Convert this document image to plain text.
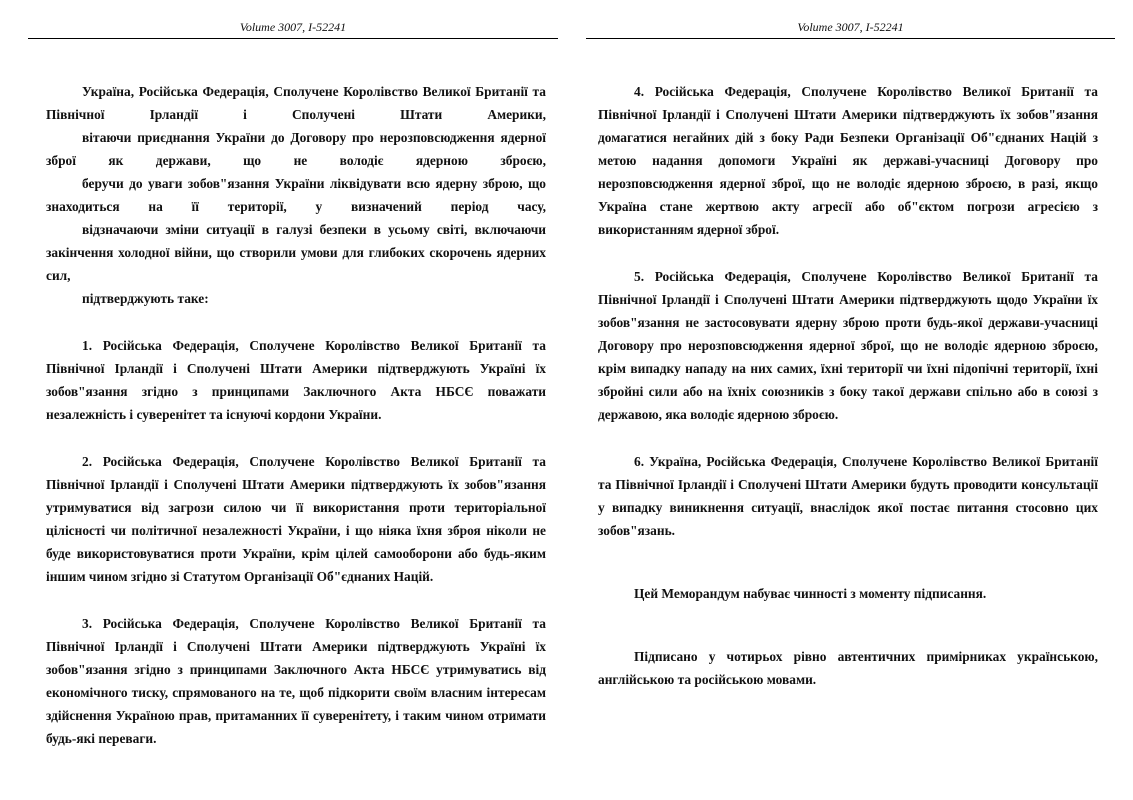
Volume 3007, I-52241

Україна, Російська Федерація, Сполучене Королівство Великої Британії та Північної Ірландії і Сполучені Штати Америки,

вітаючи приєднання України до Договору про нерозповсюдження ядерної зброї як держави, що не володіє ядерною зброєю,

беручи до уваги зобов"язання України ліквідувати всю ядерну зброю, що знаходиться на її території, у визначений період часу,

відзначаючи зміни ситуації в галузі безпеки в усьому світі, включаючи закінчення холодної війни, що створили умови для глибоких скорочень ядерних сил,

підтверджують таке:

1. Російська Федерація, Сполучене Королівство Великої Британії та Північної Ірландії і Сполучені Штати Америки підтверджують Україні їх зобов"язання згідно з принципами Заключного Акта НБСЄ поважати незалежність і суверенітет та існуючі кордони України.

2. Російська Федерація, Сполучене Королівство Великої Британії та Північної Ірландії і Сполучені Штати Америки підтверджують їх зобов"язання утримуватися від загрози силою чи її використання проти територіальної цілісності чи політичної незалежності України, і що ніяка їхня зброя ніколи не буде використовуватися проти України, крім цілей самооборони або будь-яким іншим чином згідно зі Статутом Організації Об"єднаних Націй.

3. Російська Федерація, Сполучене Королівство Великої Британії та Північної Ірландії і Сполучені Штати Америки підтверджують Україні їх зобов"язання згідно з принципами Заключного Акта НБСЄ утримуватись від економічного тиску, спрямованого на те, щоб підкорити своїм власним інтересам здійснення Україною прав, притаманних її суверенітету, і таким чином отримати будь-які переваги.

Volume 3007, I-52241

4. Російська Федерація, Сполучене Королівство Великої Британії та Північної Ірландії і Сполучені Штати Америки підтверджують їх зобов"язання домагатися негайних дій з боку Ради Безпеки Організації Об"єднаних Націй з метою надання допомоги Україні як державі-учасниці Договору про нерозповсюдження ядерної зброї, що не володіє ядерною зброєю, в разі, якщо Україна стане жертвою акту агресії або об"єктом погрози агресією з використанням ядерної зброї.

5. Російська Федерація, Сполучене Королівство Великої Британії та Північної Ірландії і Сполучені Штати Америки підтверджують щодо України їх зобов"язання не застосовувати ядерну зброю проти будь-якої держави-учасниці Договору про нерозповсюдження ядерної зброї, що не володіє ядерною зброєю, крім випадку нападу на них самих, їхні території чи їхні підопічні території, їхні збройні сили або на їхніх союзників з боку такої держави спільно або в союзі з державою, яка володіє ядерною зброєю.

6. Україна, Російська Федерація, Сполучене Королівство Великої Британії та Північної Ірландії і Сполучені Штати Америки будуть проводити консультації у випадку виникнення ситуації, внаслідок якої постає питання стосовно цих зобов"язань.

Цей Меморандум набуває чинності з моменту підписання.

Підписано у чотирьох рівно автентичних примірниках українською, англійською та російською мовами.
